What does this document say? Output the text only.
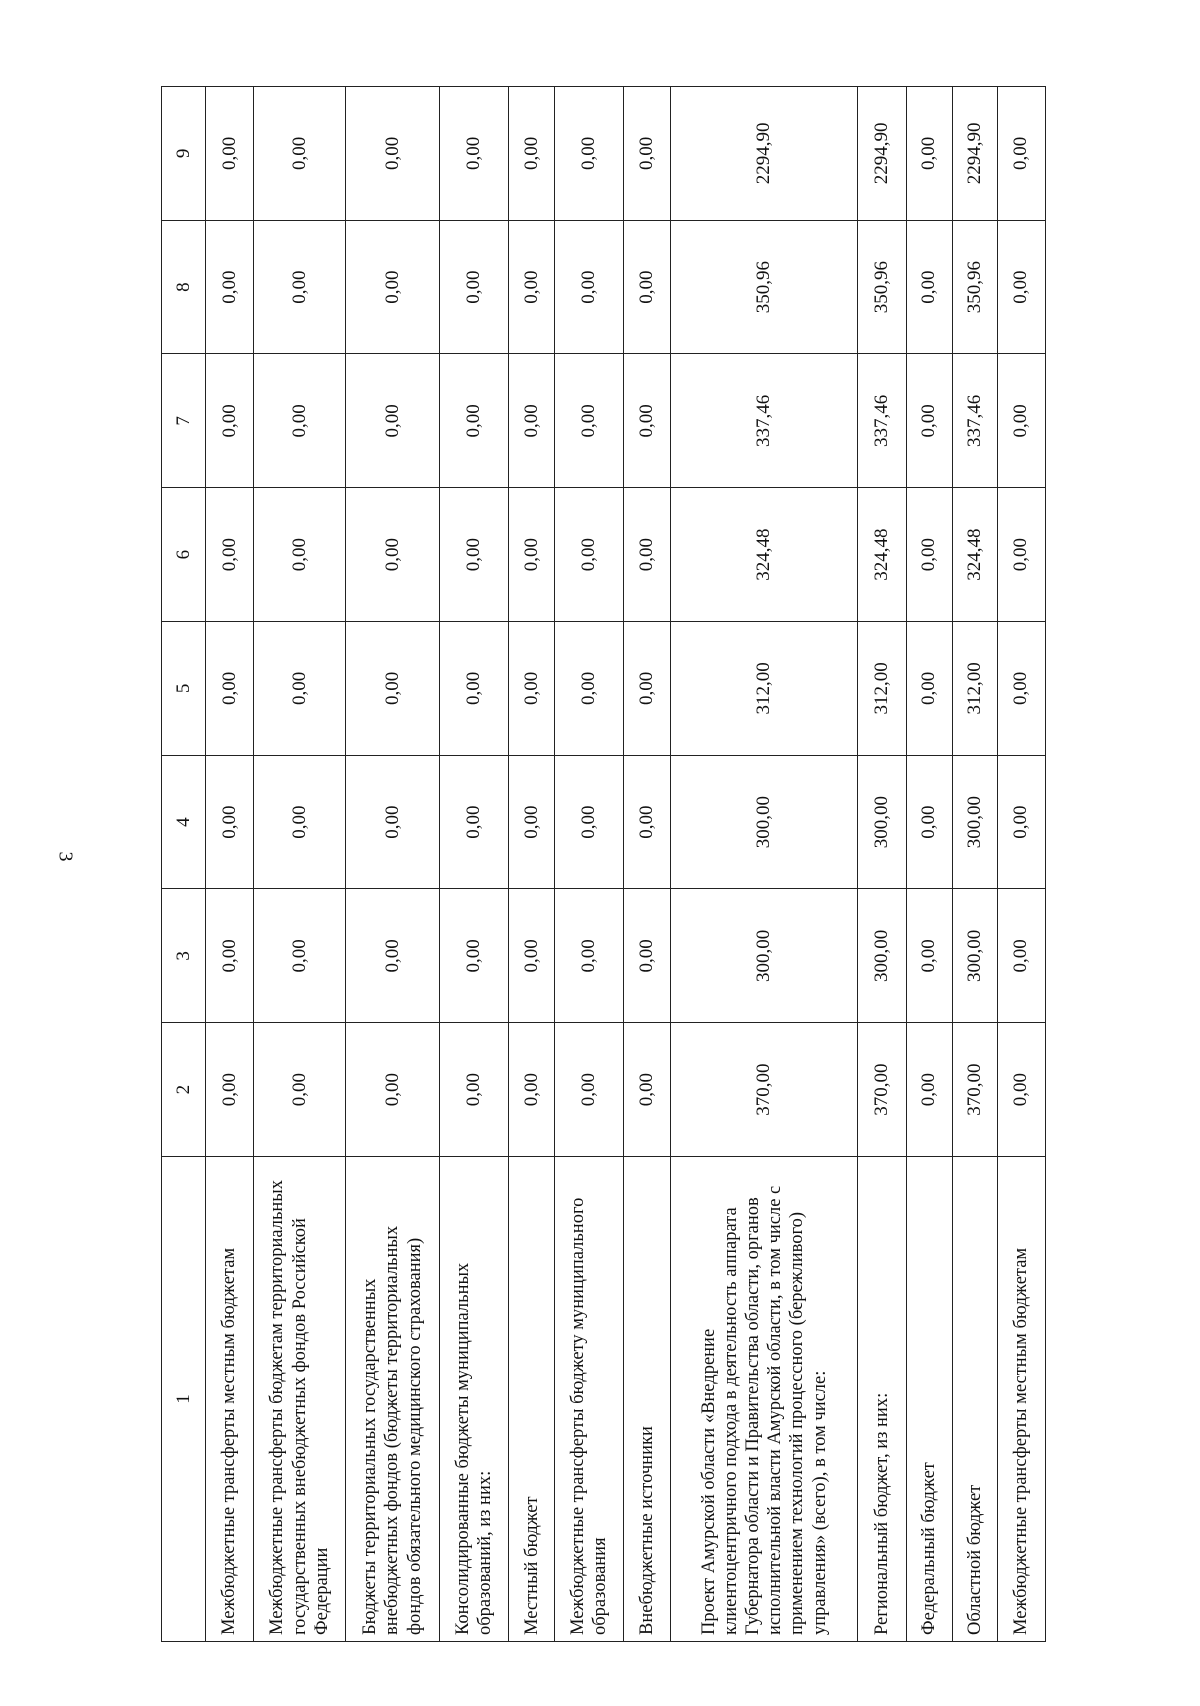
3
1	2	3	4	5	6	7	8	9
Межбюджетные трансферты местным бюджетам	0,00	0,00	0,00	0,00	0,00	0,00	0,00	0,00
Межбюджетные трансферты бюджетам территориальных государственных внебюджетных фондов Российской Федерации	0,00	0,00	0,00	0,00	0,00	0,00	0,00	0,00
Бюджеты территориальных государственных внебюджетных фондов (бюджеты территориальных фондов обязательного медицинского страхования)	0,00	0,00	0,00	0,00	0,00	0,00	0,00	0,00
Консолидированные бюджеты муниципальных образований, из них:	0,00	0,00	0,00	0,00	0,00	0,00	0,00	0,00
Местный бюджет	0,00	0,00	0,00	0,00	0,00	0,00	0,00	0,00
Межбюджетные трансферты бюджету муниципального образования	0,00	0,00	0,00	0,00	0,00	0,00	0,00	0,00
Внебюджетные источники	0,00	0,00	0,00	0,00	0,00	0,00	0,00	0,00
Проект Амурской области «Внедрение клиентоцентричного подхода в деятельность аппарата Губернатора области и Правительства области, органов исполнительной власти Амурской области, в том числе с применением технологий процессного (бережливого) управления» (всего), в том числе:	370,00	300,00	300,00	312,00	324,48	337,46	350,96	2294,90
Региональный бюджет, из них:	370,00	300,00	300,00	312,00	324,48	337,46	350,96	2294,90
Федеральный бюджет	0,00	0,00	0,00	0,00	0,00	0,00	0,00	0,00
Областной бюджет	370,00	300,00	300,00	312,00	324,48	337,46	350,96	2294,90
Межбюджетные трансферты местным бюджетам	0,00	0,00	0,00	0,00	0,00	0,00	0,00	0,00
